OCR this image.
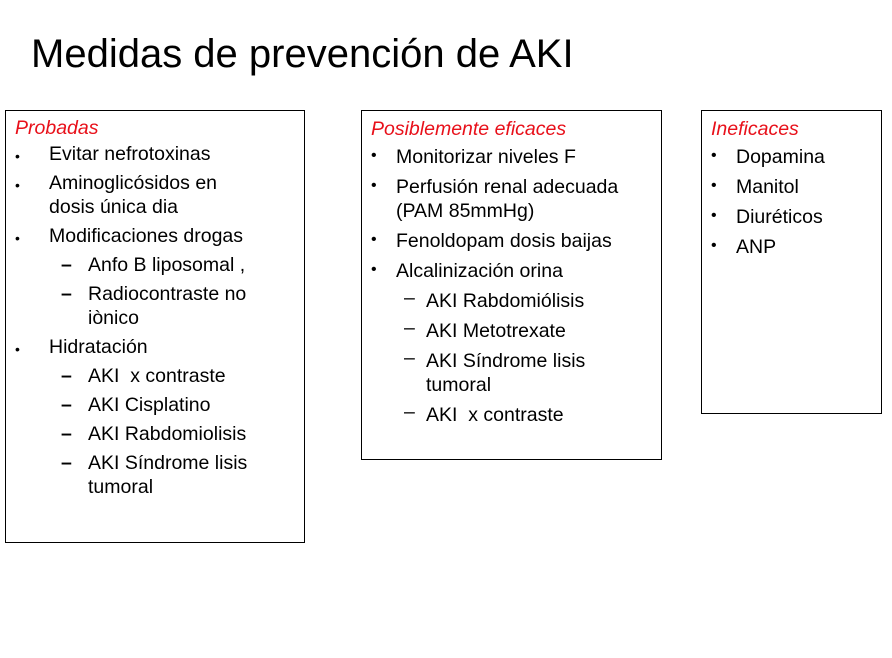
Medidas de prevención de AKI
Probadas
• Evitar nefrotoxinas
• Aminoglicósidos en dosis única dia
• Modificaciones drogas
– Anfo B liposomal ,
– Radiocontraste no iònico
• Hidratación
– AKI  x contraste
– AKI Cisplatino
– AKI Rabdomiolisis
– AKI Síndrome lisis tumoral
Posiblemente eficaces
• Monitorizar niveles F
• Perfusión renal adecuada (PAM 85mmHg)
• Fenoldopam dosis baijas
• Alcalinización orina
– AKI Rabdomiólisis
– AKI Metotrexate
– AKI Síndrome lisis tumoral
– AKI  x contraste
Ineficaces
• Dopamina
• Manitol
• Diuréticos
• ANP
